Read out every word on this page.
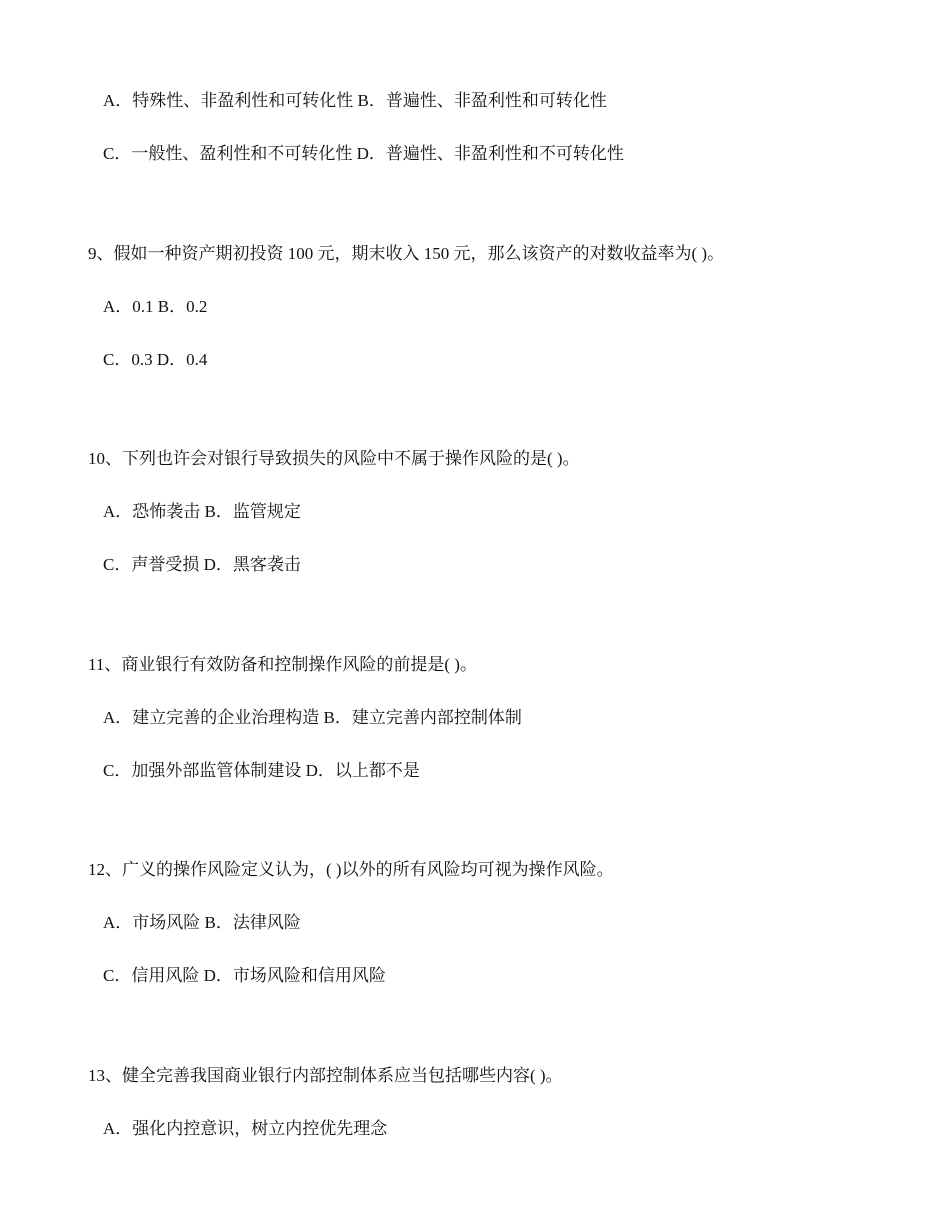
A．特殊性、非盈利性和可转化性 B．普遍性、非盈利性和可转化性
C．一般性、盈利性和不可转化性 D．普遍性、非盈利性和不可转化性
9、假如一种资产期初投资 100 元，期末收入 150 元，那么该资产的对数收益率为( )。
A．0.1 B．0.2
C．0.3 D．0.4
10、下列也许会对银行导致损失的风险中不属于操作风险的是( )。
A．恐怖袭击 B．监管规定
C．声誉受损 D．黑客袭击
11、商业银行有效防备和控制操作风险的前提是( )。
A．建立完善的企业治理构造 B．建立完善内部控制体制
C．加强外部监管体制建设 D．以上都不是
12、广义的操作风险定义认为，( )以外的所有风险均可视为操作风险。
A．市场风险 B．法律风险
C．信用风险 D．市场风险和信用风险
13、健全完善我国商业银行内部控制体系应当包括哪些内容( )。
A．强化内控意识，树立内控优先理念
